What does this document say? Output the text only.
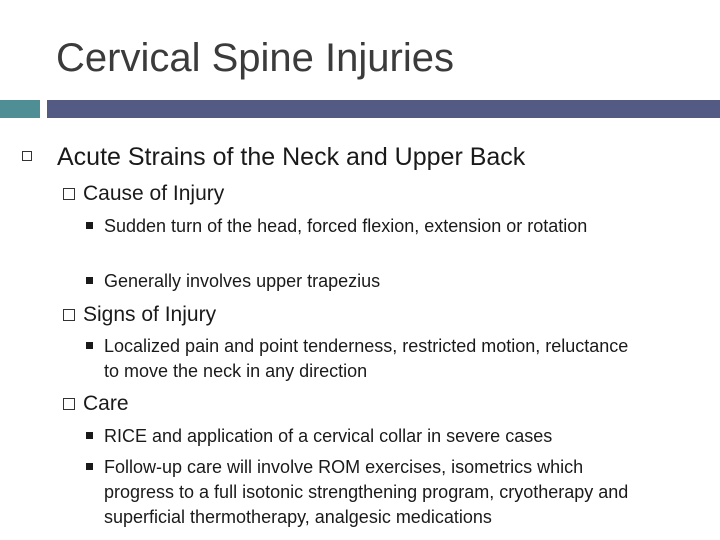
Cervical Spine Injuries
Acute Strains of the Neck and Upper Back
Cause of Injury
Sudden turn of the head, forced flexion, extension or rotation
Generally involves upper trapezius
Signs of Injury
Localized pain and point tenderness, restricted motion, reluctance to move the neck in any direction
Care
RICE and application of a cervical collar in severe cases
Follow-up care will involve ROM exercises, isometrics which progress to a full isotonic strengthening program, cryotherapy and superficial thermotherapy, analgesic medications
